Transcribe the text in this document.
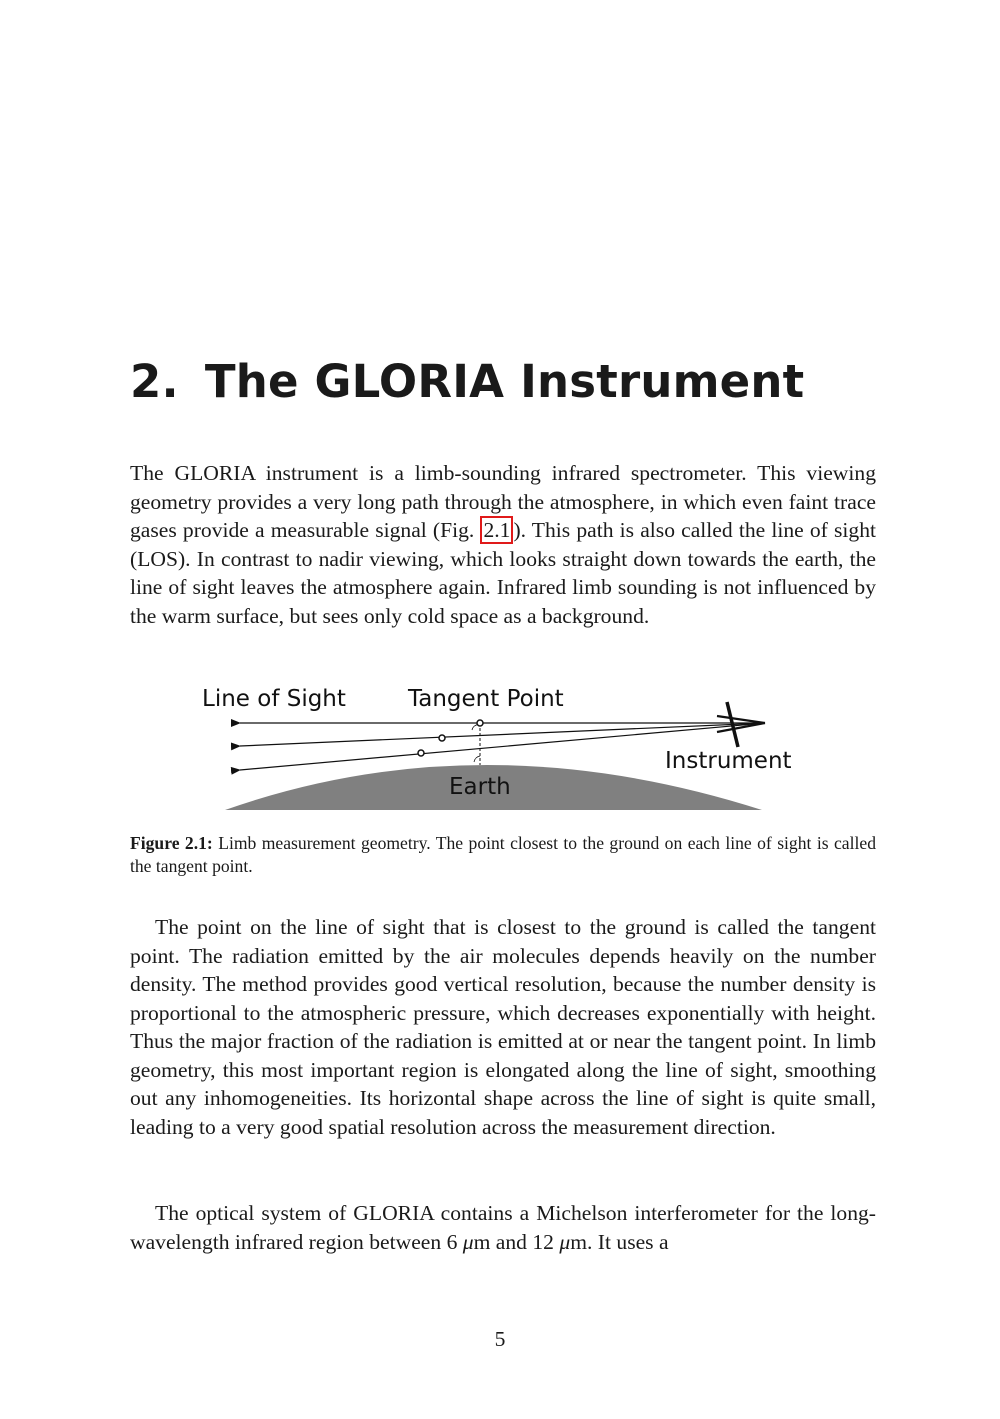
2. The GLORIA Instrument

The GLORIA instrument is a limb-sounding infrared spectrometer. This viewing geometry provides a very long path through the atmosphere, in which even faint trace gases provide a measurable signal (Fig. 2.1 ). This path is also called the line of sight (LOS). In contrast to nadir viewing, which looks straight down towards the earth, the line of sight leaves the atmosphere again. Infrared limb sounding is not influenced by the warm surface, but sees only cold space as a background.

Line of Sight	Tangent Point
Instrument
Earth

Figure 2.1: Limb measurement geometry. The point closest to the ground on each line of sight is called the tangent point.

The point on the line of sight that is closest to the ground is called the tangent point. The radiation emitted by the air molecules depends heavily on the number density. The method provides good vertical resolution, because the number density is proportional to the atmospheric pressure, which decreases exponentially with height. Thus the major fraction of the radiation is emitted at or near the tangent point. In limb geometry, this most important region is elongated along the line of sight, smoothing out any inhomogeneities. Its horizontal shape across the line of sight is quite small, leading to a very good spatial resolution across the measurement direction.

The optical system of GLORIA contains a Michelson interferometer for the long-wavelength infrared region between 6 μm and 12 μm. It uses a

5
